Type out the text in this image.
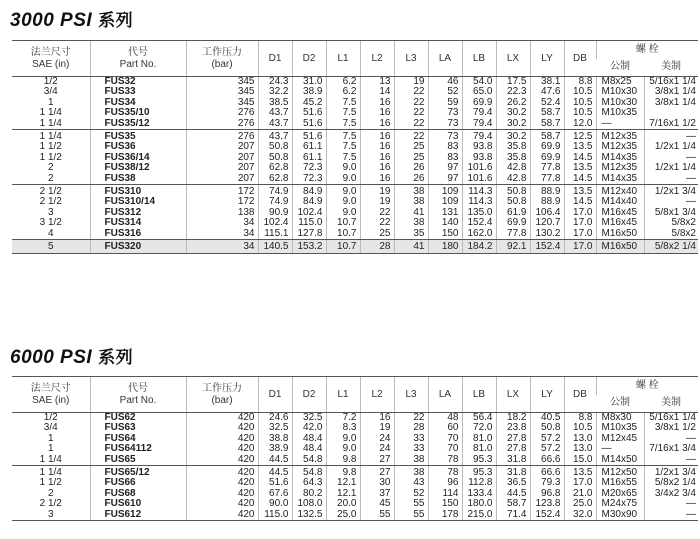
3000 PSI 系列
法兰尺寸
SAE (in)	代号
Part No.	工作压力
(bar)	D1	D2	L1	L2	L3	LA	LB	LX	LY	DB	螺 栓	
													公制	美制
1/2	FUS32	345	24.3	31.0	6.2	13	19	46	54.0	17.5	38.1	8.8	M8x25	5/16x1 1/4
3/4	FUS33	345	32.2	38.9	6.2	14	22	52	65.0	22.3	47.6	10.5	M10x30	3/8x1 1/4
1	FUS34	345	38.5	45.2	7.5	16	22	59	69.9	26.2	52.4	10.5	M10x30	3/8x1 1/4
1 1/4	FUS35/10	276	43.7	51.6	7.5	16	22	73	79.4	30.2	58.7	10.5	M10x35	
1 1/4	FUS35/12	276	43.7	51.6	7.5	16	22	73	79.4	30.2	58.7	12.0	—	7/16x1 1/2
1 1/4	FUS35	276	43.7	51.6	7.5	16	22	73	79.4	30.2	58.7	12.5	M12x35	—
1 1/2	FUS36	207	50.8	61.1	7.5	16	25	83	93.8	35.8	69.9	13.5	M12x35	1/2x1 1/4
1 1/2	FUS36/14	207	50.8	61.1	7.5	16	25	83	93.8	35.8	69.9	14.5	M14x35	—
2	FUS38/12	207	62.8	72.3	9.0	16	26	97	101.6	42.8	77.8	13.5	M12x35	1/2x1 1/4
2	FUS38	207	62.8	72.3	9.0	16	26	97	101.6	42.8	77.8	14.5	M14x35	—
2 1/2	FUS310	172	74.9	84.9	9.0	19	38	109	114.3	50.8	88.9	13.5	M12x40	1/2x1 3/4
2 1/2	FUS310/14	172	74.9	84.9	9.0	19	38	109	114.3	50.8	88.9	14.5	M14x40	—
3	FUS312	138	90.9	102.4	9.0	22	41	131	135.0	61.9	106.4	17.0	M16x45	5/8x1 3/4
3 1/2	FUS314	34	102.4	115.0	10.7	22	38	140	152.4	69.9	120.7	17.0	M16x45	5/8x2
4	FUS316	34	115.1	127.8	10.7	25	35	150	162.0	77.8	130.2	17.0	M16x50	5/8x2
5	FUS320	34	140.5	153.2	10.7	28	41	180	184.2	92.1	152.4	17.0	M16x50	5/8x2 1/4
6000 PSI 系列
法兰尺寸
SAE (in)	代号
Part No.	工作压力
(bar)	D1	D2	L1	L2	L3	LA	LB	LX	LY	DB	螺 栓	
													公制	美制
1/2	FUS62	420	24.6	32.5	7.2	16	22	48	56.4	18.2	40.5	8.8	M8x30	5/16x1 1/4
3/4	FUS63	420	32.5	42.0	8.3	19	28	60	72.0	23.8	50.8	10.5	M10x35	3/8x1 1/2
1	FUS64	420	38.8	48.4	9.0	24	33	70	81.0	27.8	57.2	13.0	M12x45	—
1	FUS64112	420	38.9	48.4	9.0	24	33	70	81.0	27.8	57.2	13.0	—	7/16x1 3/4
1 1/4	FUS65	420	44.5	54.8	9.8	27	38	78	95.3	31.8	66.6	15.0	M14x50	—
1 1/4	FUS65/12	420	44.5	54.8	9.8	27	38	78	95.3	31.8	66.6	13.5	M12x50	1/2x1 3/4
1 1/2	FUS66	420	51.6	64.3	12.1	30	43	96	112.8	36.5	79.3	17.0	M16x55	5/8x2 1/4
2	FUS68	420	67.6	80.2	12.1	37	52	114	133.4	44.5	96.8	21.0	M20x65	3/4x2 3/4
2 1/2	FUS610	420	90.0	108.0	20.0	45	55	150	180.0	58.7	123.8	25.0	M24x75	—
3	FUS612	420	115.0	132.5	25.0	55	55	178	215.0	71.4	152.4	32.0	M30x90	—
